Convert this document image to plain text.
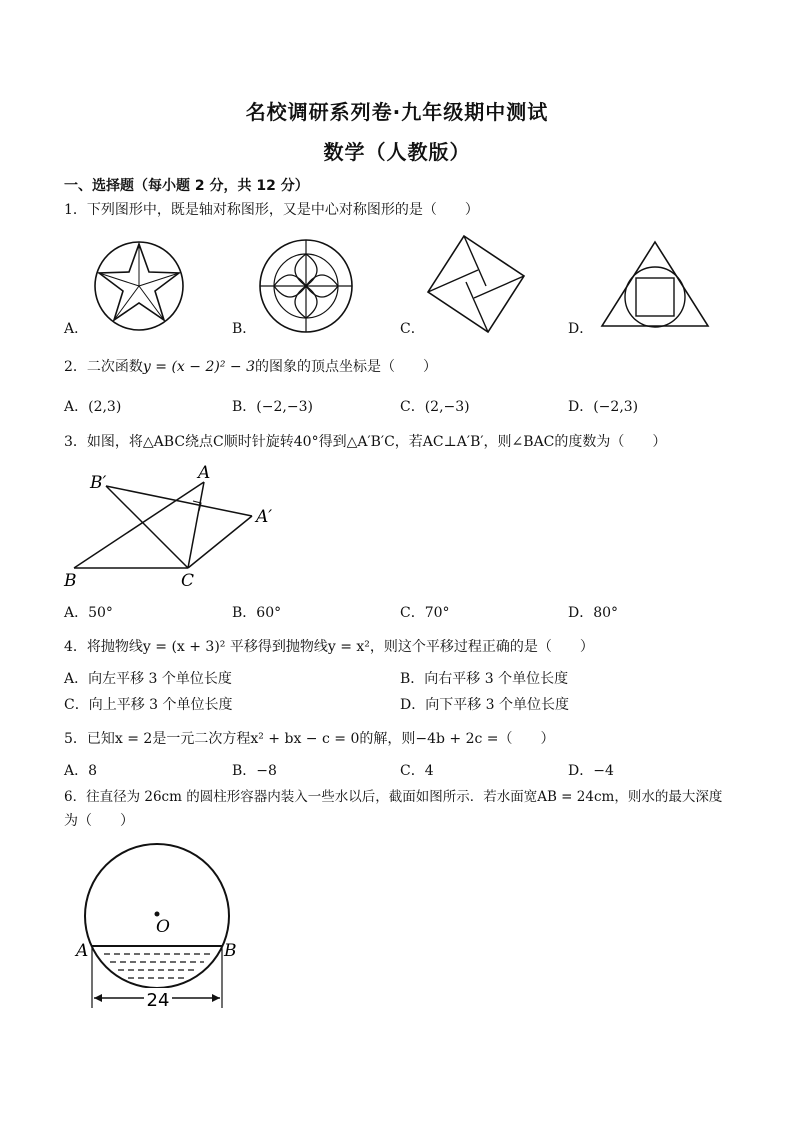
名校调研系列卷·九年级期中测试
数学（人教版）
一、选择题（每小题 2 分，共 12 分）
1．下列图形中，既是轴对称图形，又是中心对称图形的是（　　）
A．	B．	C．	D．
2．二次函数y = (x − 2)² − 3的图象的顶点坐标是（　　）
A．(2,3)	B．(−2,−3)	C．(2,−3)	D．(−2,3)
3．如图，将△ABC绕点C顺时针旋转40°得到△A′B′C，若AC⊥A′B′，则∠BAC的度数为（　　）
A
B′
A′
B	C
A．50°	B．60°	C．70°	D．80°
4．将抛物线y = (x + 3)² 平移得到抛物线y = x²，则这个平移过程正确的是（　　）
A．向左平移 3 个单位长度	B．向右平移 3 个单位长度
C．向上平移 3 个单位长度	D．向下平移 3 个单位长度
5．已知x = 2是一元二次方程x² + bx − c = 0的解，则−4b + 2c =（　　）
A．8	B．−8	C．4	D．−4
6．往直径为 26cm 的圆柱形容器内装入一些水以后，截面如图所示．若水面宽AB = 24cm，则水的最大深度
为（　　）
24
O
A	B
